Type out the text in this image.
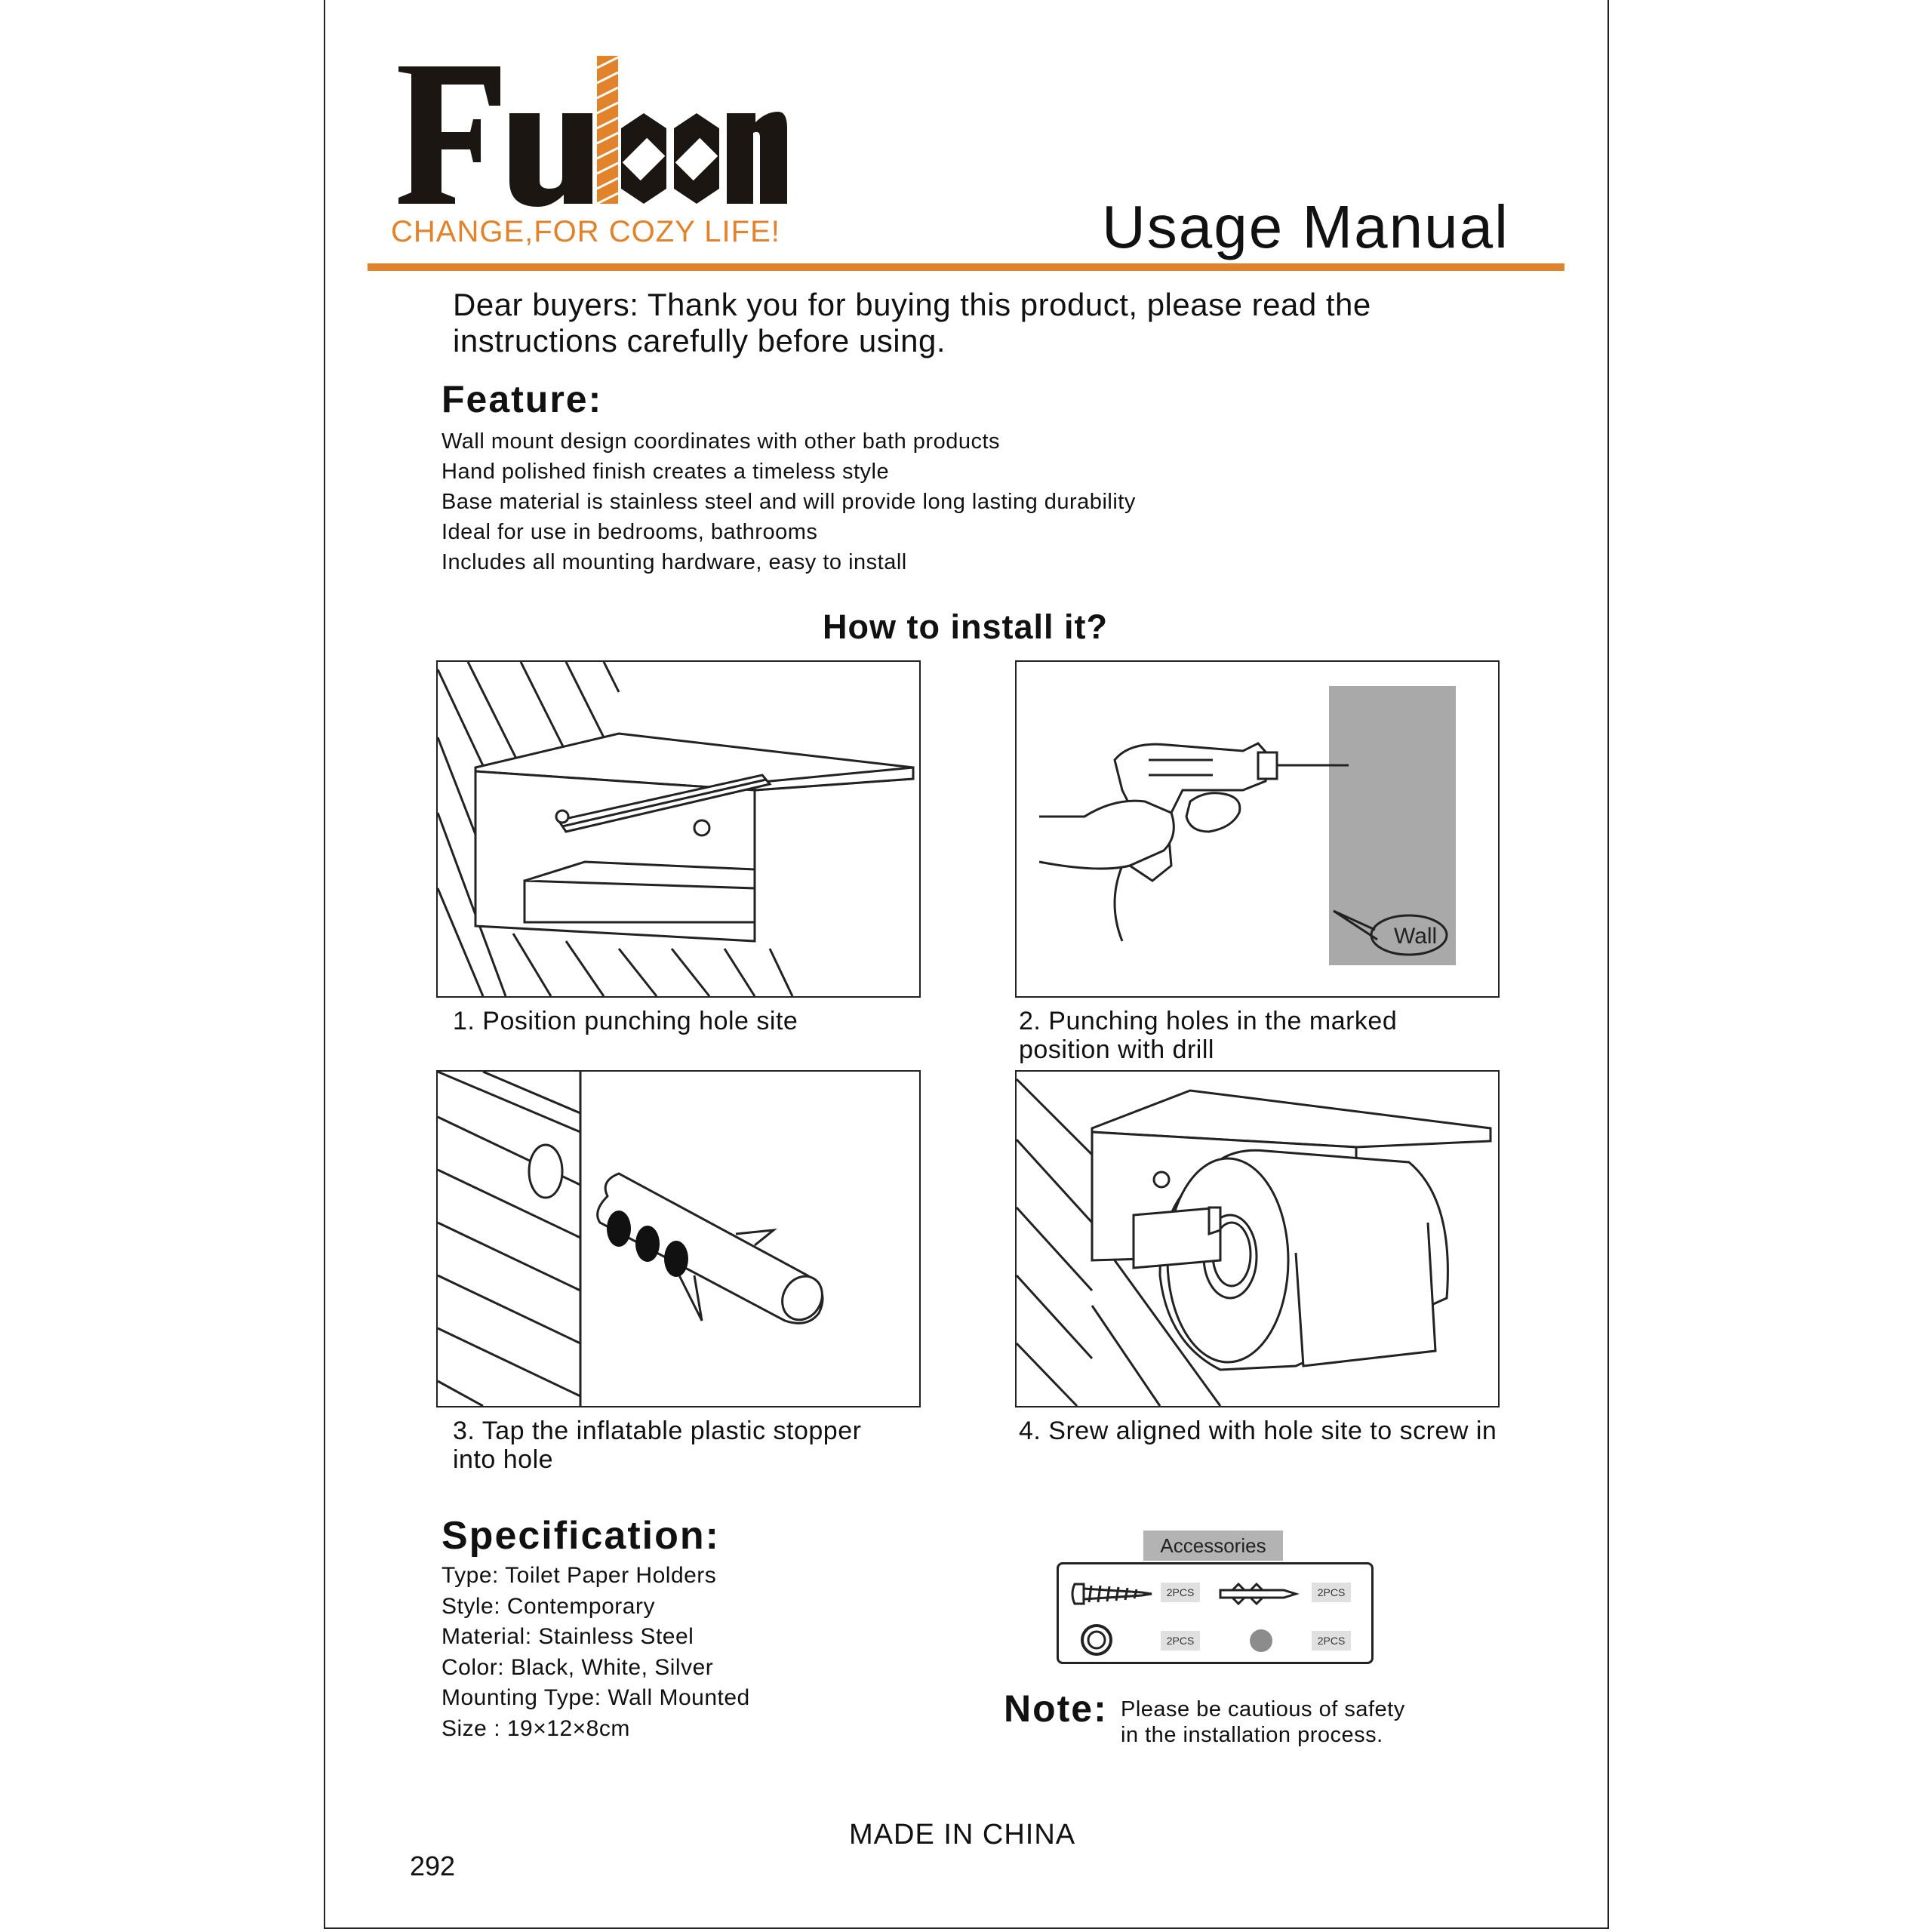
Fuloon
CHANGE,FOR COZY LIFE!	Usage Manual
Dear buyers: Thank you for buying this product, please read the
instructions carefully before using.
Feature:
Wall mount design coordinates with other bath products
Hand polished finish creates a timeless style
Base material is stainless steel and will provide long lasting durability
Ideal for use in bedrooms, bathrooms
Includes all mounting hardware, easy to install
How to install it?
1. Position punching hole site
Wall
2. Punching holes in the marked
position with drill
3. Tap the inflatable plastic stopper
into hole
4. Srew aligned with hole site to screw in
Specification:
Type: Toilet Paper Holders
Style: Contemporary
Material: Stainless Steel
Color: Black, White, Silver
Mounting Type: Wall Mounted
Size : 19×12×8cm
Accessories
2PCS	2PCS
2PCS	2PCS
Note: Please be cautious of safety
in the installation process.
MADE IN CHINA
292
